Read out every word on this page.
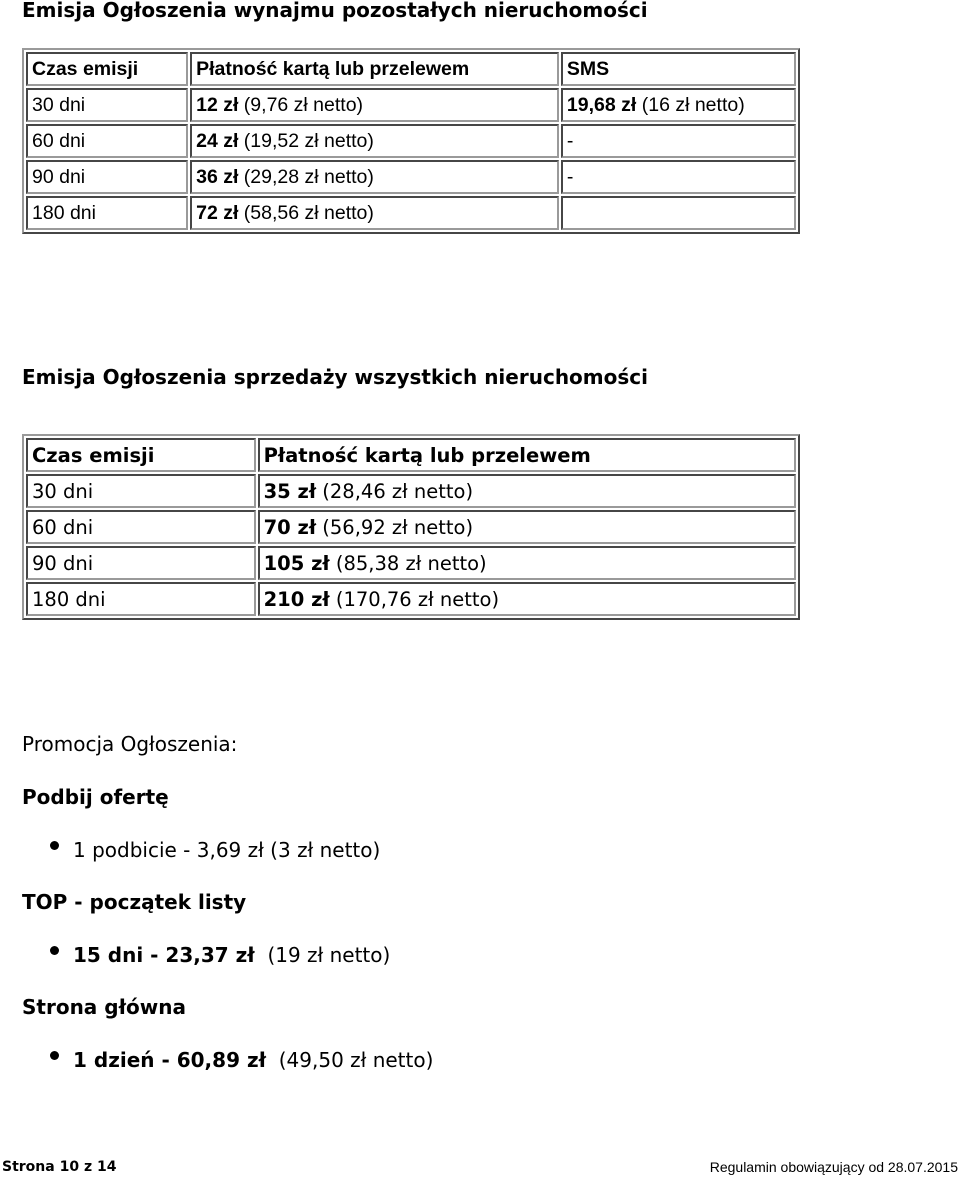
Emisja Ogłoszenia wynajmu pozostałych nieruchomości
Czas emisji	Płatność kartą lub przelewem	SMS
30 dni	12 zł (9,76 zł netto)	19,68 zł (16 zł netto)
60 dni	24 zł (19,52 zł netto)	-
90 dni	36 zł (29,28 zł netto)	-
180 dni	72 zł (58,56 zł netto)	
Emisja Ogłoszenia sprzedaży wszystkich nieruchomości
Czas emisji	Płatność kartą lub przelewem
30 dni	35 zł (28,46 zł netto)
60 dni	70 zł (56,92 zł netto)
90 dni	105 zł (85,38 zł netto)
180 dni	210 zł (170,76 zł netto)
Promocja Ogłoszenia:
Podbij ofertę
1 podbicie - 3,69 zł (3 zł netto)
TOP - początek listy
15 dni - 23,37 zł (19 zł netto)
Strona główna
1 dzień - 60,89 zł (49,50 zł netto)
Strona 10 z 14	Regulamin obowiązujący od 28.07.2015
